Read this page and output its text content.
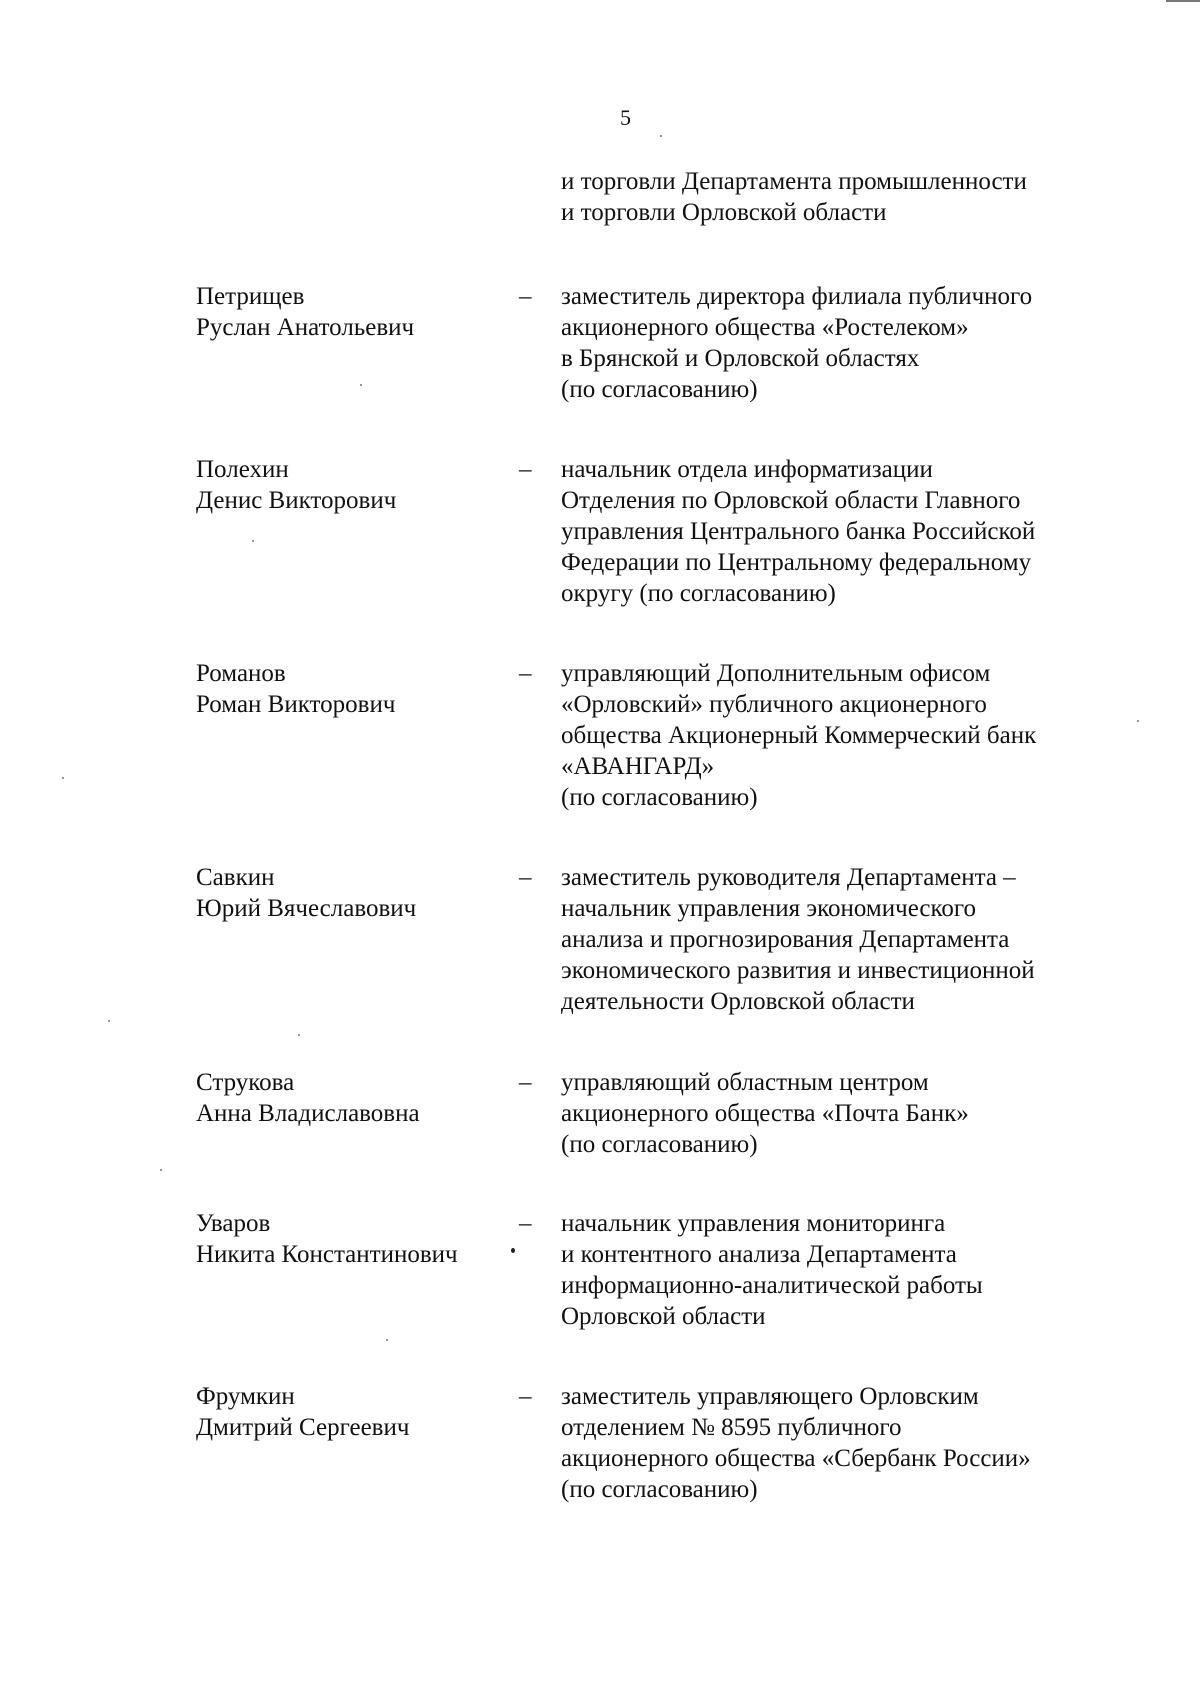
5
и торговли Департамента промышленности
и торговли Орловской области
Петрищев
Руслан Анатольевич
–	заместитель директора филиала публичного
акционерного общества «Ростелеком»
в Брянской и Орловской областях
(по согласованию)
Полехин
Денис Викторович
–	начальник отдела информатизации
Отделения по Орловской области Главного
управления Центрального банка Российской
Федерации по Центральному федеральному
округу (по согласованию)
Романов
Роман Викторович
–	управляющий Дополнительным офисом
«Орловский» публичного акционерного
общества Акционерный Коммерческий банк
«АВАНГАРД»
(по согласованию)
Савкин
Юрий Вячеславович
–	заместитель руководителя Департамента –
начальник управления экономического
анализа и прогнозирования Департамента
экономического развития и инвестиционной
деятельности Орловской области
Струкова
Анна Владиславовна
–	управляющий областным центром
акционерного общества «Почта Банк»
(по согласованию)
Уваров
Никита Константинович
–	начальник управления мониторинга
и контентного анализа Департамента
информационно-аналитической работы
Орловской области
Фрумкин
Дмитрий Сергеевич
–	заместитель управляющего Орловским
отделением № 8595 публичного
акционерного общества «Сбербанк России»
(по согласованию)
